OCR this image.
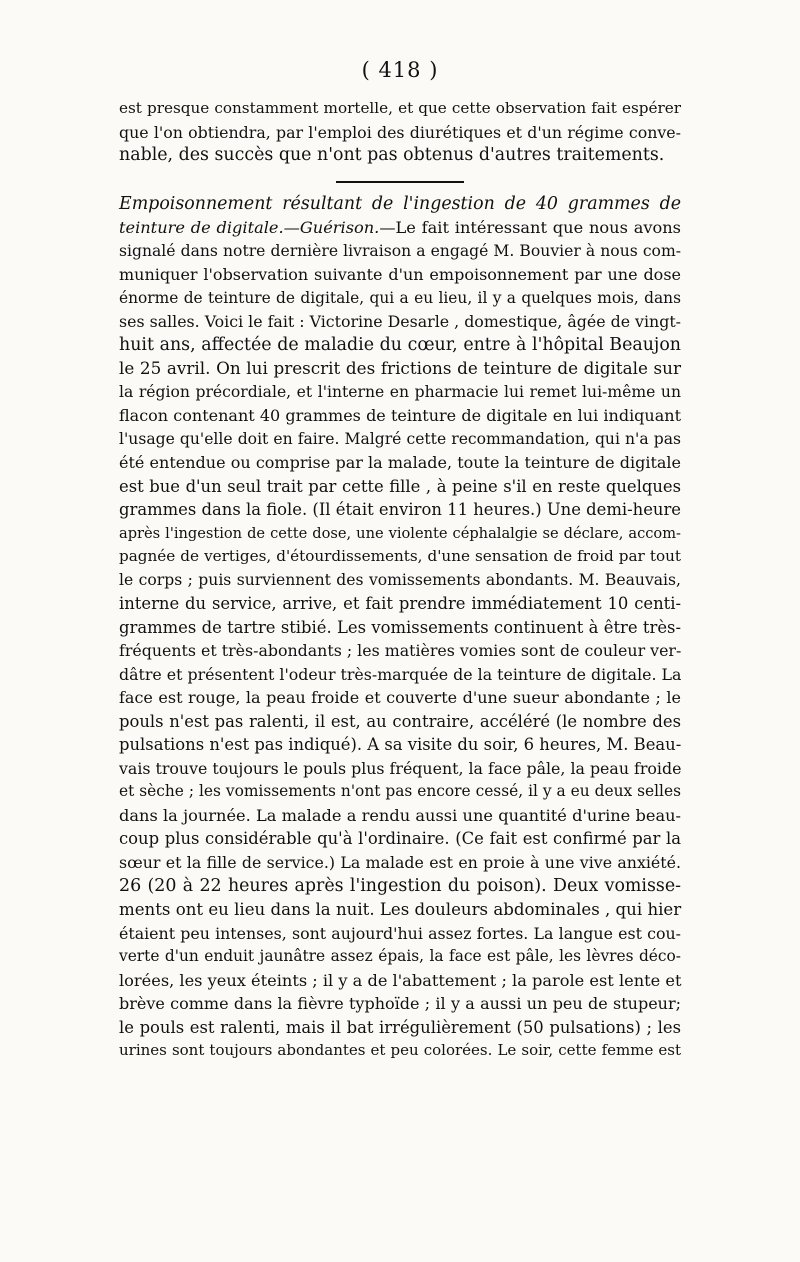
( 418 )
est presque constamment mortelle, et que cette observation fait espérer
que l'on obtiendra, par l'emploi des diurétiques et d'un régime conve-
nable, des succès que n'ont pas obtenus d'autres traitements.
Empoisonnement résultant de l'ingestion de 40 grammes de
teinture de digitale.—Guérison.—Le fait intéressant que nous avons
signalé dans notre dernière livraison a engagé M. Bouvier à nous com-
muniquer l'observation suivante d'un empoisonnement par une dose
énorme de teinture de digitale, qui a eu lieu, il y a quelques mois, dans
ses salles. Voici le fait : Victorine Desarle , domestique, âgée de vingt-
huit ans, affectée de maladie du cœur, entre à l'hôpital Beaujon
le 25 avril. On lui prescrit des frictions de teinture de digitale sur
la région précordiale, et l'interne en pharmacie lui remet lui-même un
flacon contenant 40 grammes de teinture de digitale en lui indiquant
l'usage qu'elle doit en faire. Malgré cette recommandation, qui n'a pas
été entendue ou comprise par la malade, toute la teinture de digitale
est bue d'un seul trait par cette fille , à peine s'il en reste quelques
grammes dans la fiole. (Il était environ 11 heures.) Une demi-heure
après l'ingestion de cette dose, une violente céphalalgie se déclare, accom-
pagnée de vertiges, d'étourdissements, d'une sensation de froid par tout
le corps ; puis surviennent des vomissements abondants. M. Beauvais,
interne du service, arrive, et fait prendre immédiatement 10 centi-
grammes de tartre stibié. Les vomissements continuent à être très-
fréquents et très-abondants ; les matières vomies sont de couleur ver-
dâtre et présentent l'odeur très-marquée de la teinture de digitale. La
face est rouge, la peau froide et couverte d'une sueur abondante ; le
pouls n'est pas ralenti, il est, au contraire, accéléré (le nombre des
pulsations n'est pas indiqué). A sa visite du soir, 6 heures, M. Beau-
vais trouve toujours le pouls plus fréquent, la face pâle, la peau froide
et sèche ; les vomissements n'ont pas encore cessé, il y a eu deux selles
dans la journée. La malade a rendu aussi une quantité d'urine beau-
coup plus considérable qu'à l'ordinaire. (Ce fait est confirmé par la
sœur et la fille de service.) La malade est en proie à une vive anxiété.
26 (20 à 22 heures après l'ingestion du poison). Deux vomisse-
ments ont eu lieu dans la nuit. Les douleurs abdominales , qui hier
étaient peu intenses, sont aujourd'hui assez fortes. La langue est cou-
verte d'un enduit jaunâtre assez épais, la face est pâle, les lèvres déco-
lorées, les yeux éteints ; il y a de l'abattement ; la parole est lente et
brève comme dans la fièvre typhoïde ; il y a aussi un peu de stupeur;
le pouls est ralenti, mais il bat irrégulièrement (50 pulsations) ; les
urines sont toujours abondantes et peu colorées. Le soir, cette femme est
